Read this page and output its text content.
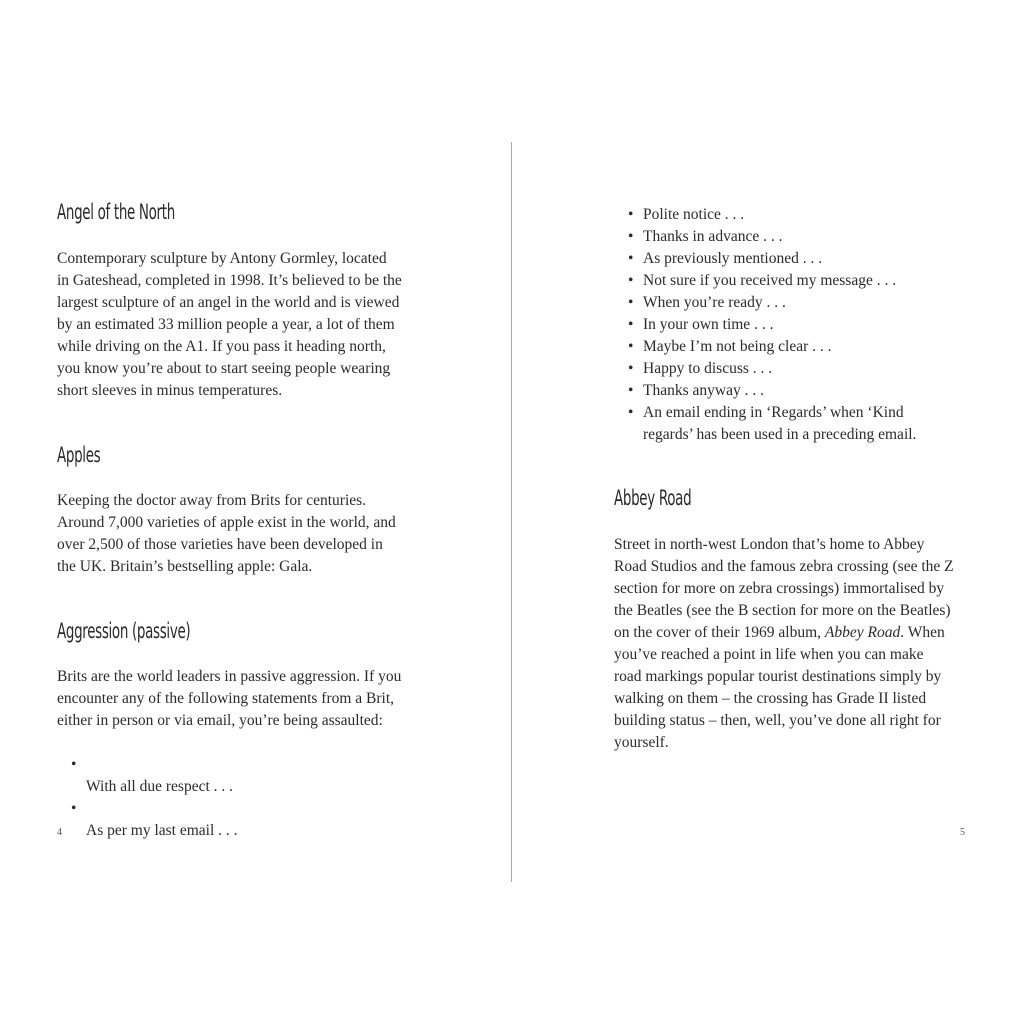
Angel of the North

Contemporary sculpture by Antony Gormley, located
in Gateshead, completed in 1998. It’s believed to be the
largest sculpture of an angel in the world and is viewed
by an estimated 33 million people a year, a lot of them
while driving on the A1. If you pass it heading north,
you know you’re about to start seeing people wearing
short sleeves in minus temperatures.

Apples

Keeping the doctor away from Brits for centuries.
Around 7,000 varieties of apple exist in the world, and
over 2,500 of those varieties have been developed in
the UK. Britain’s bestselling apple: Gala.

Aggression (passive)

Brits are the world leaders in passive aggression. If you
encounter any of the following statements from a Brit,
either in person or via email, you’re being assaulted:

•
With all due respect . . .

•
As per my last email . . .

4
• Polite notice . . .
• Thanks in advance . . .
• As previously mentioned . . .
• Not sure if you received my message . . .
• When you’re ready . . .
• In your own time . . .
• Maybe I’m not being clear . . .
• Happy to discuss . . .
• Thanks anyway . . .
• An email ending in ‘Regards’ when ‘Kind
regards’ has been used in a preceding email.
Abbey Road

Street in north-west London that’s home to Abbey
Road Studios and the famous zebra crossing (see the Z
section for more on zebra crossings) immortalised by
the Beatles (see the B section for more on the Beatles)
on the cover of their 1969 album, Abbey Road. When
you’ve reached a point in life when you can make
road markings popular tourist destinations simply by
walking on them – the crossing has Grade II listed
building status – then, well, you’ve done all right for
yourself.

5
